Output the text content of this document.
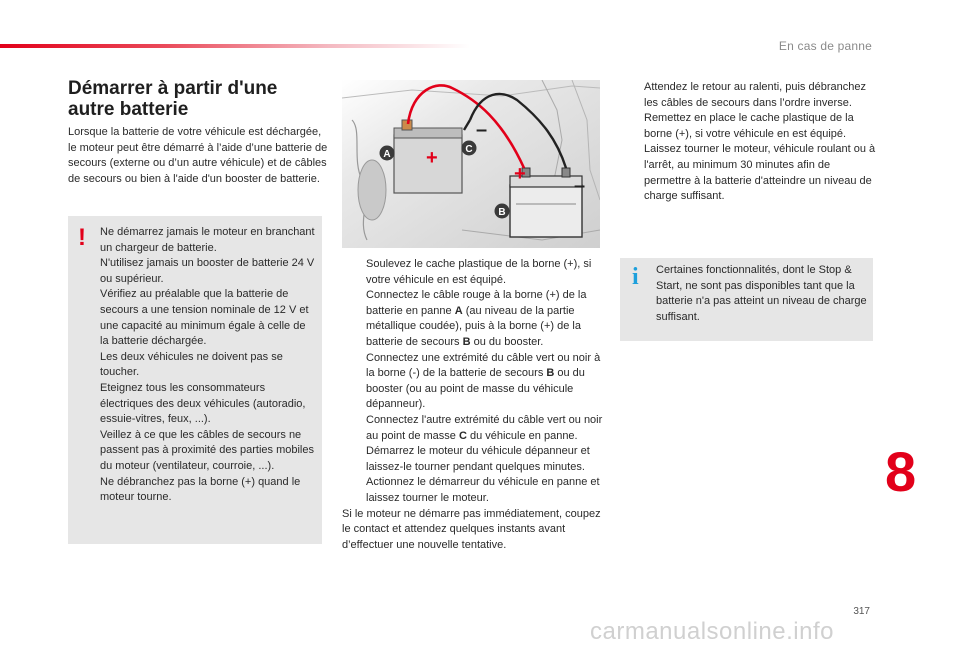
En cas de panne
Démarrer à partir d'une autre batterie

Lorsque la batterie de votre véhicule est déchargée, le moteur peut être démarré à l’aide d’une batterie de secours (externe ou d’un autre véhicule) et de câbles de secours ou bien à l'aide d'un booster de batterie.

! Ne démarrez jamais le moteur en branchant un chargeur de batterie.
N'utilisez jamais un booster de batterie 24 V ou supérieur.
Vérifiez au préalable que la batterie de secours a une tension nominale de 12 V et une capacité au minimum égale à celle de la batterie déchargée.
Les deux véhicules ne doivent pas se toucher.
Eteignez tous les consommateurs électriques des deux véhicules (autoradio, essuie-vitres, feux, ...).
Veillez à ce que les câbles de secours ne passent pas à proximité des parties mobiles du moteur (ventilateur, courroie, ...).
Ne débranchez pas la borne (+) quand le moteur tourne.
A	C
B
+
+
–
–
Soulevez le cache plastique de la borne (+), si votre véhicule en est équipé.
Connectez le câble rouge à la borne (+) de la batterie en panne A (au niveau de la partie métallique coudée), puis à la borne (+) de la batterie de secours B ou du booster.
Connectez une extrémité du câble vert ou noir à la borne (-) de la batterie de secours B ou du booster (ou au point de masse du véhicule dépanneur).
Connectez l'autre extrémité du câble vert ou noir au point de masse C du véhicule en panne.
Démarrez le moteur du véhicule dépanneur et laissez-le tourner pendant quelques minutes.
Actionnez le démarreur du véhicule en panne et laissez tourner le moteur.
Si le moteur ne démarre pas immédiatement, coupez le contact et attendez quelques instants avant d’effectuer une nouvelle tentative.
Attendez le retour au ralenti, puis débranchez les câbles de secours dans l’ordre inverse.
Remettez en place le cache plastique de la borne (+), si votre véhicule en est équipé.
Laissez tourner le moteur, véhicule roulant ou à l'arrêt, au minimum 30 minutes afin de permettre à la batterie d'atteindre un niveau de charge suffisant.
i Certaines fonctionnalités, dont le Stop & Start, ne sont pas disponibles tant que la batterie n'a pas atteint un niveau de charge suffisant.
8
317
carmanualsonline.info
